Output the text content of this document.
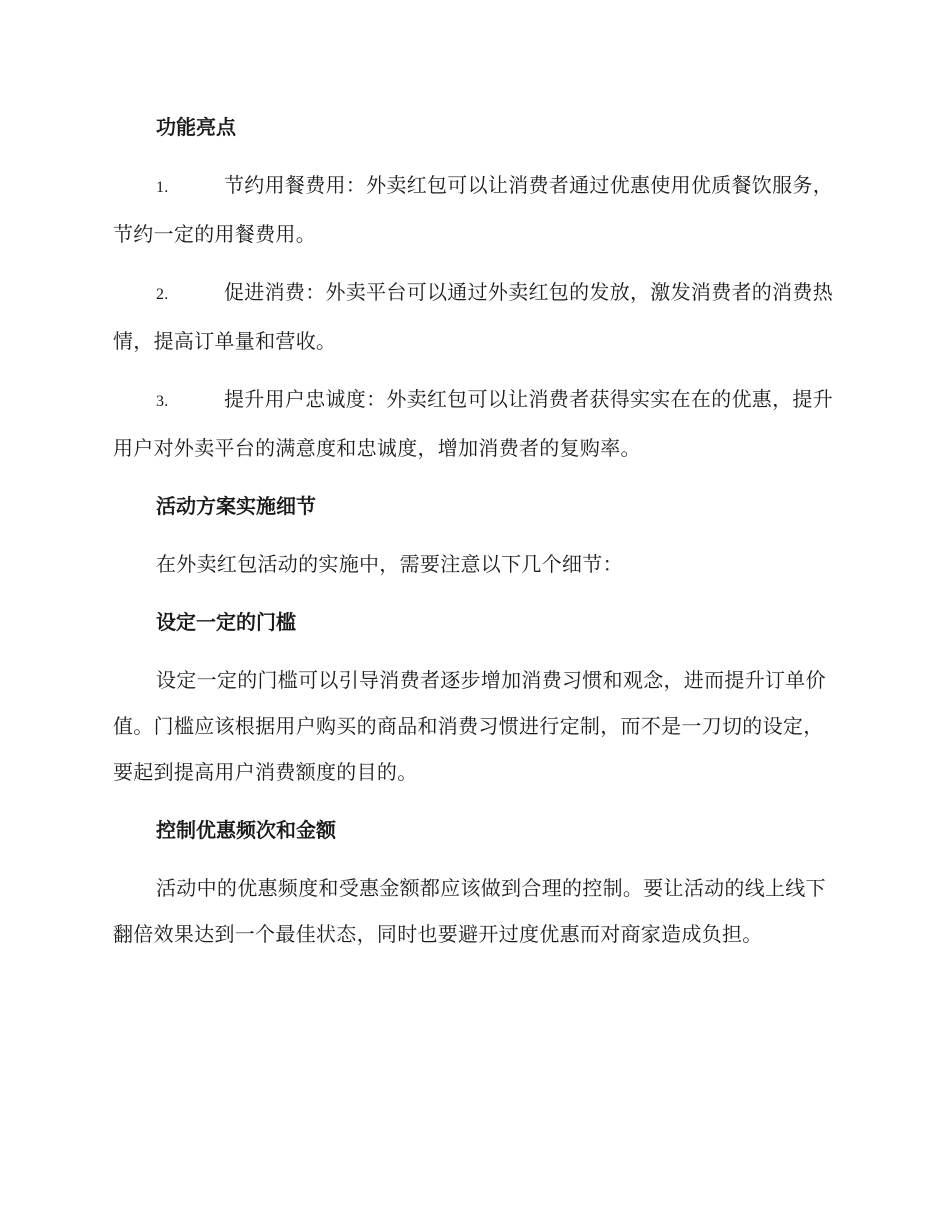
功能亮点
1.	节约用餐费用：外卖红包可以让消费者通过优惠使用优质餐饮服务，节约一定的用餐费用。
2.	促进消费：外卖平台可以通过外卖红包的发放，激发消费者的消费热情，提高订单量和营收。
3.	提升用户忠诚度：外卖红包可以让消费者获得实实在在的优惠，提升用户对外卖平台的满意度和忠诚度，增加消费者的复购率。
活动方案实施细节
在外卖红包活动的实施中，需要注意以下几个细节：
设定一定的门槛
设定一定的门槛可以引导消费者逐步增加消费习惯和观念，进而提升订单价值。门槛应该根据用户购买的商品和消费习惯进行定制，而不是一刀切的设定，要起到提高用户消费额度的目的。
控制优惠频次和金额
活动中的优惠频度和受惠金额都应该做到合理的控制。要让活动的线上线下翻倍效果达到一个最佳状态，同时也要避开过度优惠而对商家造成负担。
